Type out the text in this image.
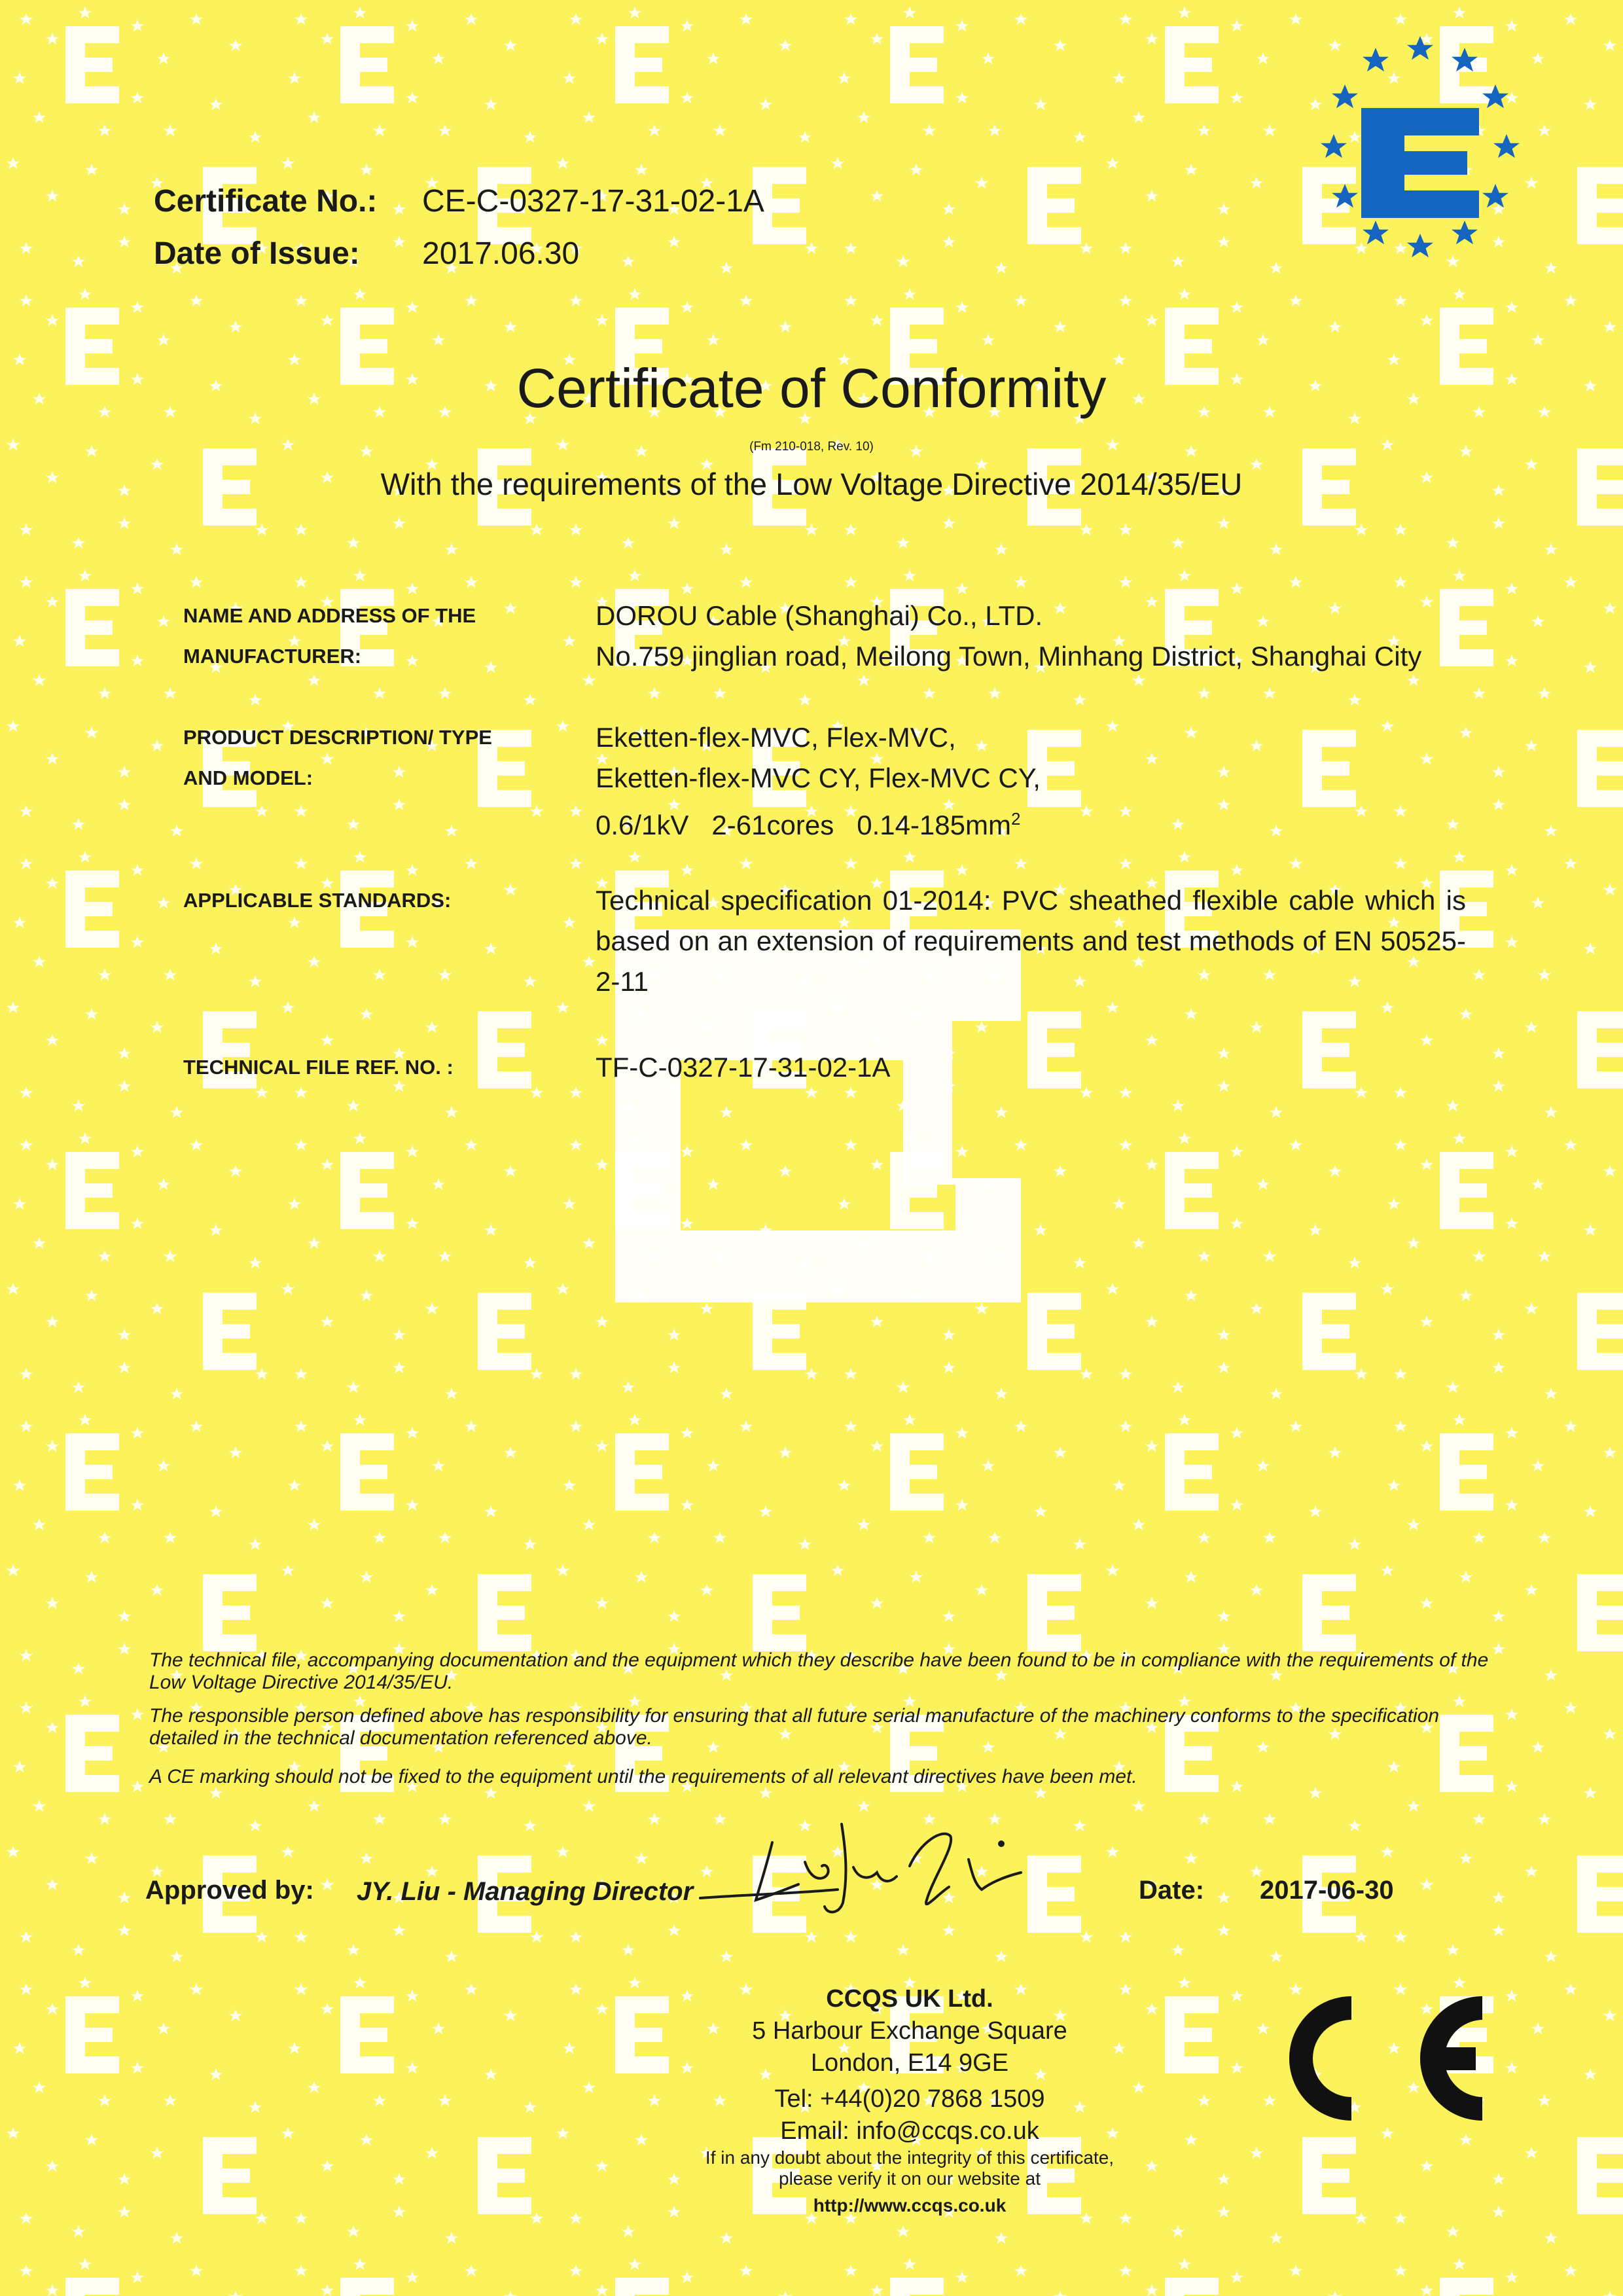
Certificate No.: CE-C-0327-17-31-02-1A
Date of Issue: 2017.06.30
Certificate of Conformity
(Fm 210-018, Rev. 10)
With the requirements of the Low Voltage Directive 2014/35/EU
NAME AND ADDRESS OF THE
MANUFACTURER:
DOROU Cable (Shanghai) Co., LTD.
No.759 jinglian road, Meilong Town, Minhang District, Shanghai City
PRODUCT DESCRIPTION/ TYPE
AND MODEL:
Eketten-flex-MVC, Flex-MVC,
Eketten-flex-MVC CY, Flex-MVC CY,
0.6/1kV   2-61cores   $0.14-185mm^2$
APPLICABLE STANDARDS:	Technical specification 01-2014: PVC sheathed flexible cable which is based on an extension of requirements and test methods of EN 50525-2-11
TECHNICAL FILE REF. NO. :	TF-C-0327-17-31-02-1A
The technical file, accompanying documentation and the equipment which they describe have been found to be in compliance with the requirements of the Low Voltage Directive 2014/35/EU.
The responsible person defined above has responsibility for ensuring that all future serial manufacture of the machinery conforms to the specification detailed in the technical documentation referenced above.
A CE marking should not be fixed to the equipment until the requirements of all relevant directives have been met.
Approved by: JY. Liu - Managing Director	Date: 2017-06-30
CCQS UK Ltd.
5 Harbour Exchange Square
London, E14 9GE
Tel: +44(0)20 7868 1509
Email: info@ccqs.co.uk
If in any doubt about the integrity of this certificate,
please verify it on our website at
http://www.ccqs.co.uk
